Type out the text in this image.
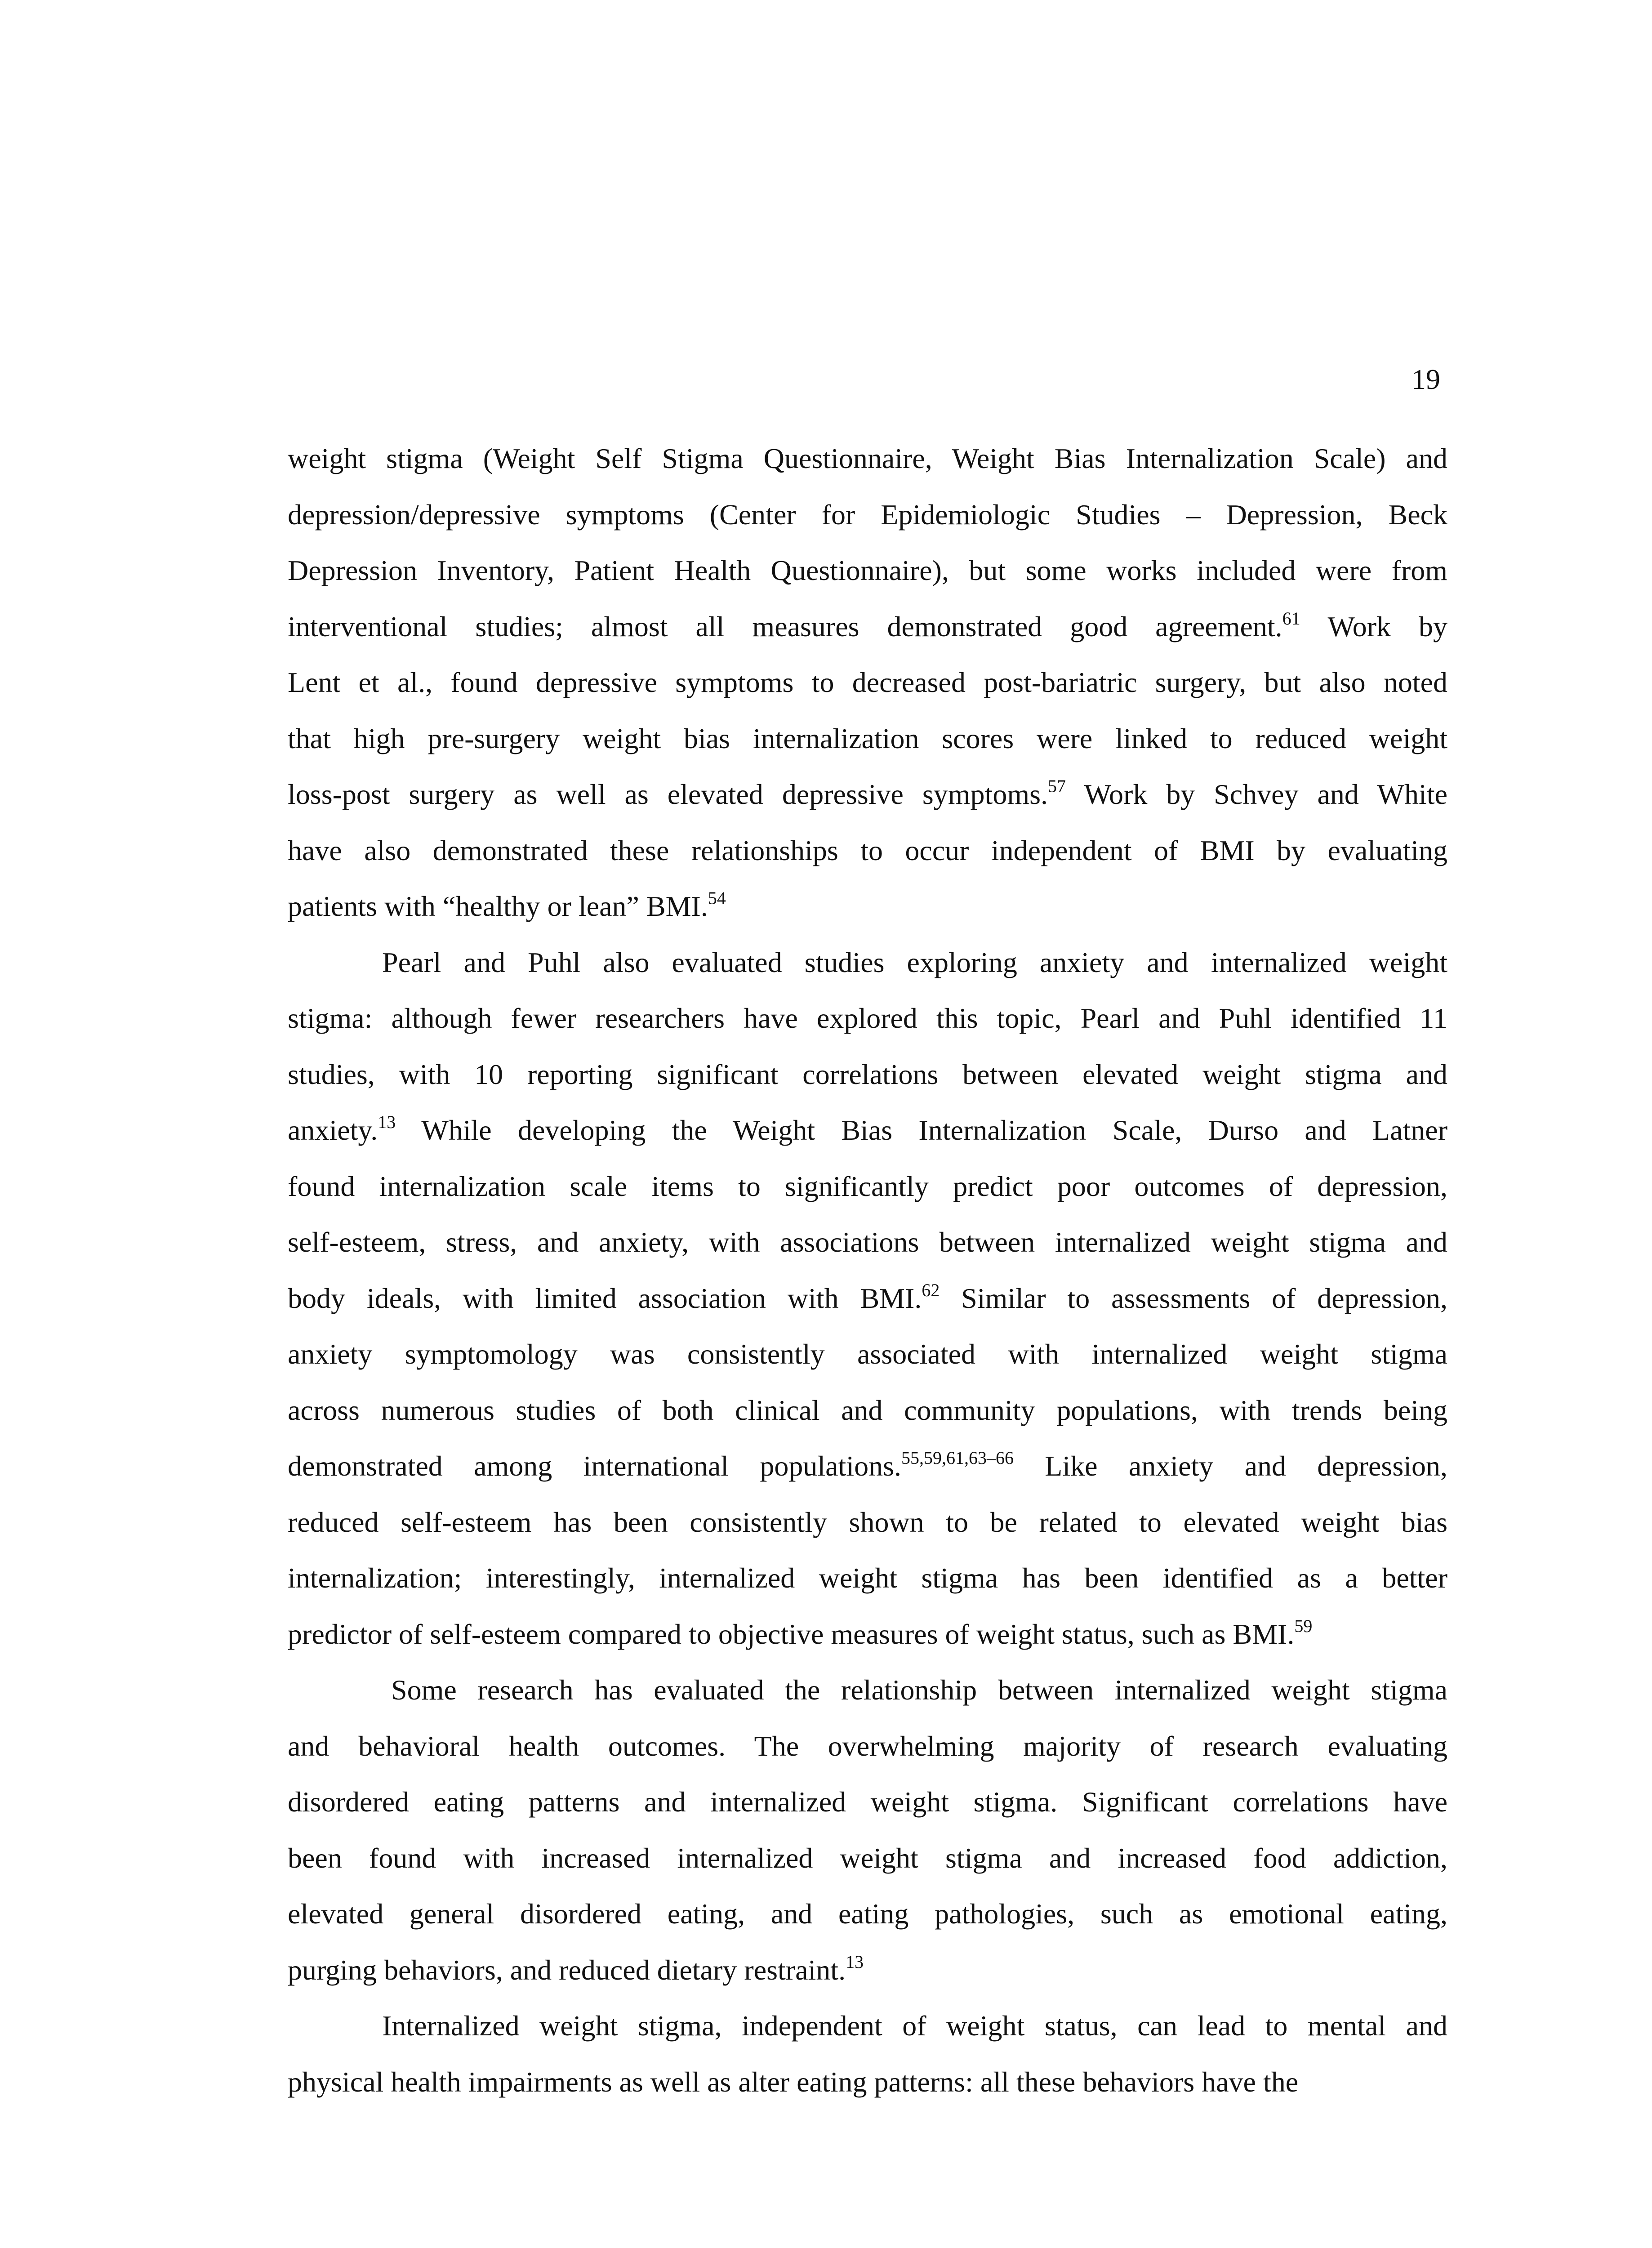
19
weight stigma (Weight Self Stigma Questionnaire, Weight Bias Internalization Scale) and
depression/depressive symptoms (Center for Epidemiologic Studies – Depression, Beck
Depression Inventory, Patient Health Questionnaire), but some works included were from
interventional studies; almost all measures demonstrated good agreement.$^{61}$ Work by
Lent et al., found depressive symptoms to decreased post-bariatric surgery, but also noted
that high pre-surgery weight bias internalization scores were linked to reduced weight
loss-post surgery as well as elevated depressive symptoms.$^{57}$ Work by Schvey and White
have also demonstrated these relationships to occur independent of BMI by evaluating
patients with “healthy or lean” BMI.$^{54}$
Pearl and Puhl also evaluated studies exploring anxiety and internalized weight
stigma: although fewer researchers have explored this topic, Pearl and Puhl identified 11
studies, with 10 reporting significant correlations between elevated weight stigma and
anxiety.$^{13}$ While developing the Weight Bias Internalization Scale, Durso and Latner
found internalization scale items to significantly predict poor outcomes of depression,
self-esteem, stress, and anxiety, with associations between internalized weight stigma and
body ideals, with limited association with BMI.$^{62}$ Similar to assessments of depression,
anxiety symptomology was consistently associated with internalized weight stigma
across numerous studies of both clinical and community populations, with trends being
demonstrated among international populations.$^{55,59,61,63-66}$ Like anxiety and depression,
reduced self-esteem has been consistently shown to be related to elevated weight bias
internalization; interestingly, internalized weight stigma has been identified as a better
predictor of self-esteem compared to objective measures of weight status, such as BMI.$^{59}$
Some research has evaluated the relationship between internalized weight stigma
and behavioral health outcomes. The overwhelming majority of research evaluating
disordered eating patterns and internalized weight stigma. Significant correlations have
been found with increased internalized weight stigma and increased food addiction,
elevated general disordered eating, and eating pathologies, such as emotional eating,
purging behaviors, and reduced dietary restraint.$^{13}$
Internalized weight stigma, independent of weight status, can lead to mental and
physical health impairments as well as alter eating patterns: all these behaviors have the
